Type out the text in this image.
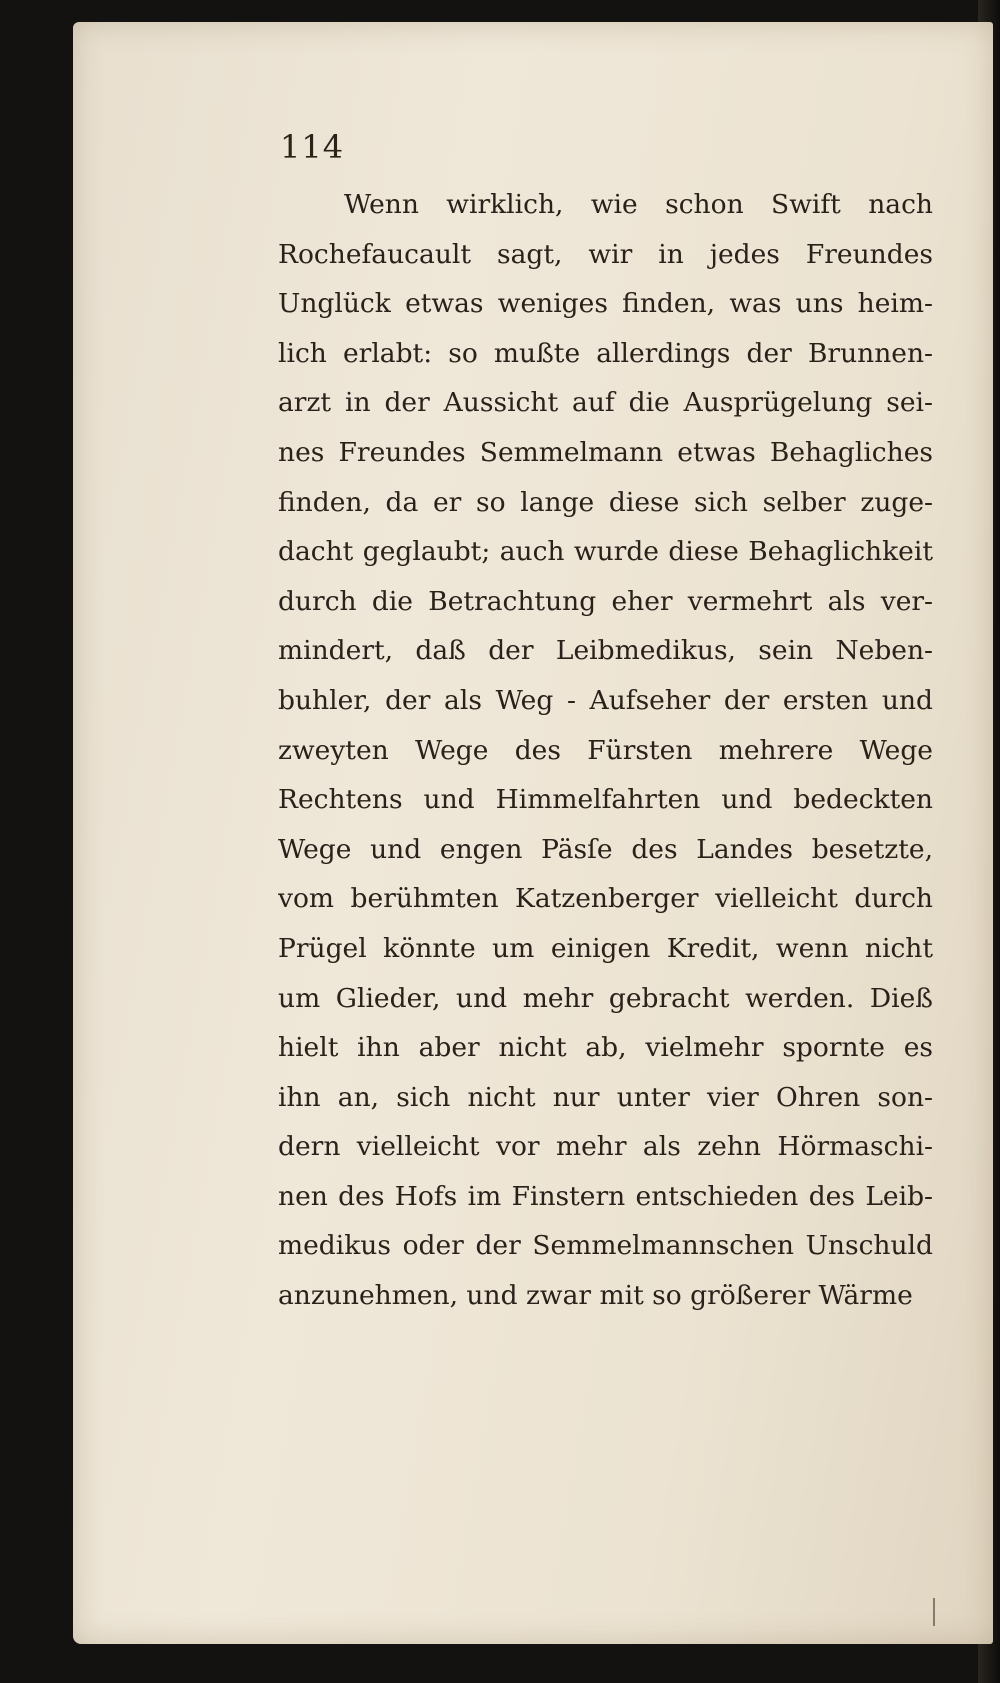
114

Wenn wirklich, wie schon Swift nach
Rochefaucault sagt, wir in jedes Freundes
Unglück etwas weniges finden, was uns heim-
lich erlabt: so mußte allerdings der Brunnen-
arzt in der Aussicht auf die Ausprügelung sei-
nes Freundes Semmelmann etwas Behagliches
finden, da er so lange diese sich selber zuge-
dacht geglaubt; auch wurde diese Behaglichkeit
durch die Betrachtung eher vermehrt als ver-
mindert, daß der Leibmedikus, sein Neben-
buhler, der als Weg - Aufseher der ersten und
zweyten Wege des Fürsten mehrere Wege
Rechtens und Himmelfahrten und bedeckten
Wege und engen Päsſe des Landes besetzte,
vom berühmten Katzenberger vielleicht durch
Prügel könnte um einigen Kredit, wenn nicht
um Glieder, und mehr gebracht werden. Dieß
hielt ihn aber nicht ab, vielmehr spornte es
ihn an, sich nicht nur unter vier Ohren son-
dern vielleicht vor mehr als zehn Hörmaschi-
nen des Hofs im Finstern entschieden des Leib-
medikus oder der Semmelmannschen Unschuld
anzunehmen, und zwar mit so größerer Wärme
